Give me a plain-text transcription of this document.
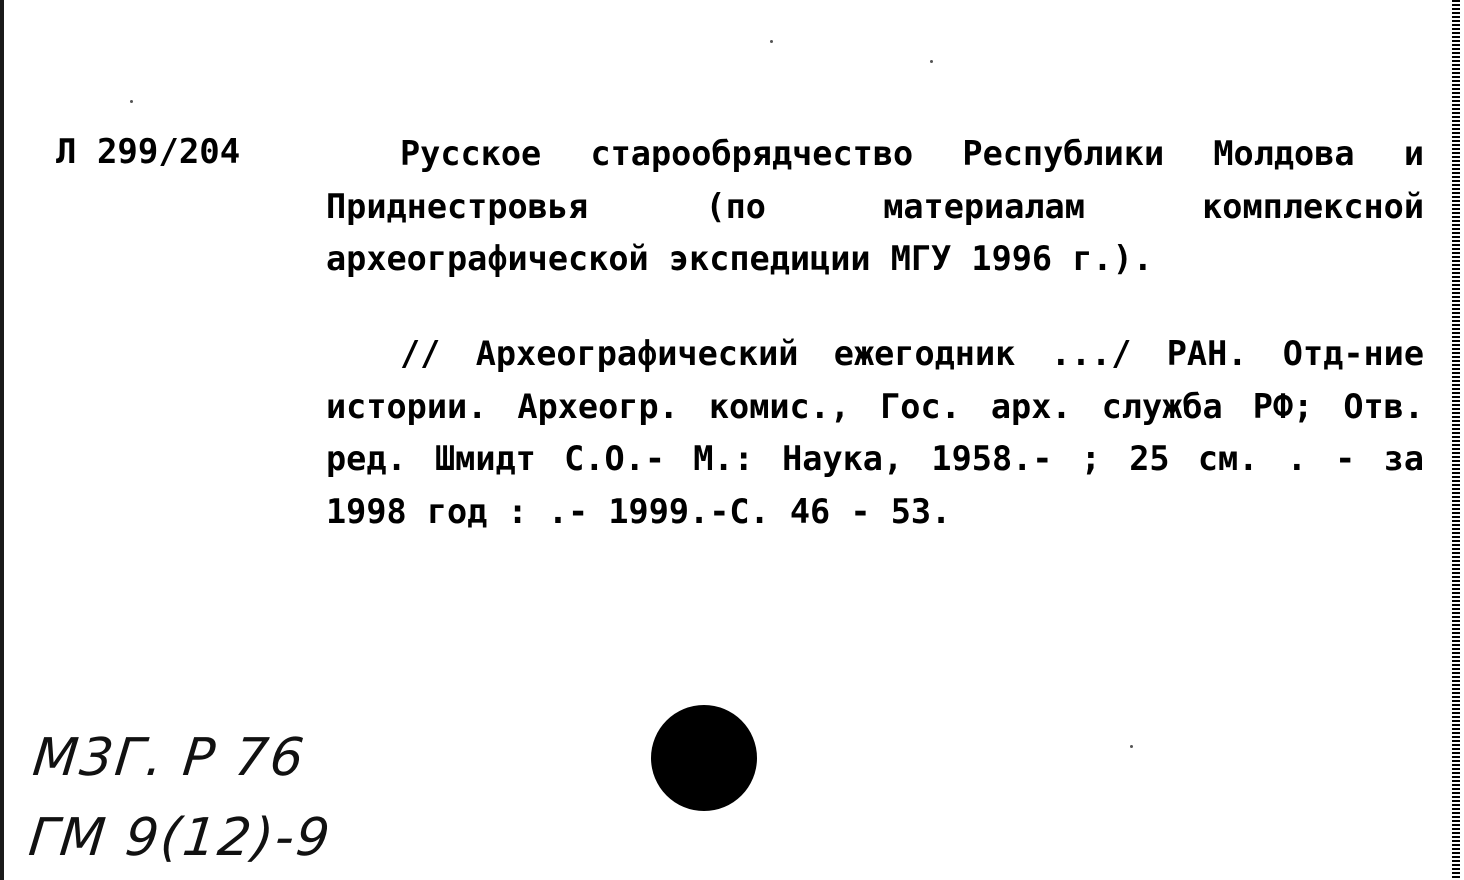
Л 299/204	Русское старообрядчество Республики Молдова и Приднестровья (по материалам комплексной археографической экспедиции МГУ 1996 г.).
// Археографический ежегодник .../ РАН. Отд-ние истории. Археогр. комис., Гос. арх. служба РФ; Отв. ред. Шмидт С.О.- М.: Наука, 1958.- ; 25 см. . - за 1998 год : .- 1999.-С. 46 - 53.
M3Г. P 76
ГM 9(12)-9
